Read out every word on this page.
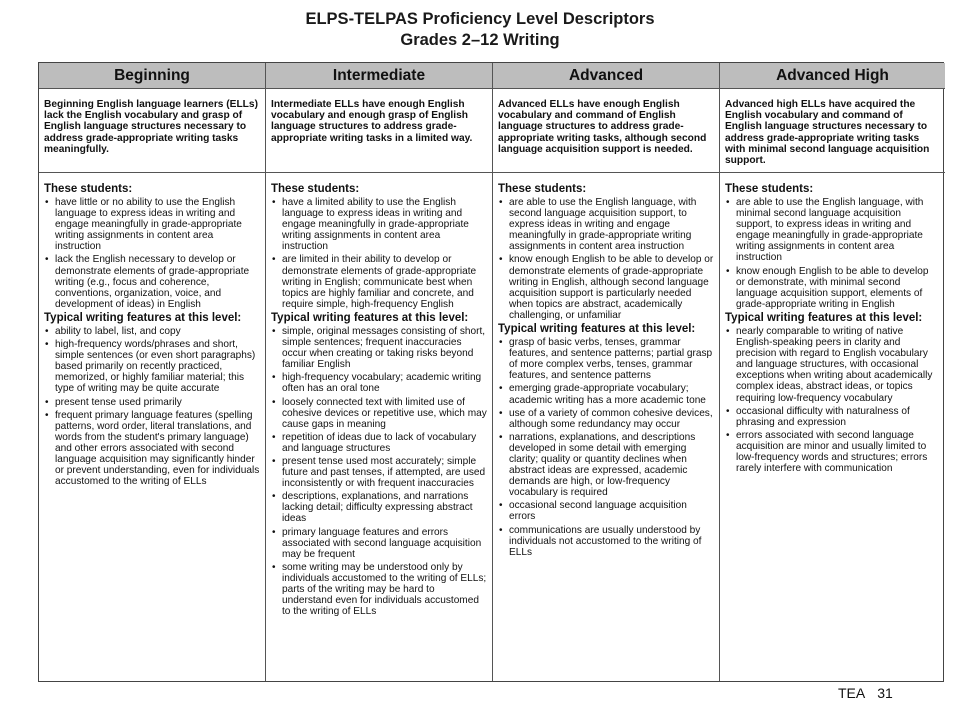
ELPS-TELPAS Proficiency Level Descriptors
Grades 2–12 Writing
Beginning
Beginning English language learners (ELLs) lack the English vocabulary and grasp of English language structures necessary to address grade-appropriate writing tasks meaningfully.
These students:
• have little or no ability to use the English language to express ideas in writing and engage meaningfully in grade-appropriate writing assignments in content area instruction
• lack the English necessary to develop or demonstrate elements of grade-appropriate writing (e.g., focus and coherence, conventions, organization, voice, and development of ideas) in English
Typical writing features at this level:
• ability to label, list, and copy
• high-frequency words/phrases and short, simple sentences (or even short paragraphs) based primarily on recently practiced, memorized, or highly familiar material; this type of writing may be quite accurate
• present tense used primarily
• frequent primary language features (spelling patterns, word order, literal translations, and words from the student's primary language) and other errors associated with second language acquisition may significantly hinder or prevent understanding, even for individuals accustomed to the writing of ELLs
Intermediate
Intermediate ELLs have enough English vocabulary and enough grasp of English language structures to address grade-appropriate writing tasks in a limited way.
These students:
• have a limited ability to use the English language to express ideas in writing and engage meaningfully in grade-appropriate writing assignments in content area instruction
• are limited in their ability to develop or demonstrate elements of grade-appropriate writing in English; communicate best when topics are highly familiar and concrete, and require simple, high-frequency English
Typical writing features at this level:
• simple, original messages consisting of short, simple sentences; frequent inaccuracies occur when creating or taking risks beyond familiar English
• high-frequency vocabulary; academic writing often has an oral tone
• loosely connected text with limited use of cohesive devices or repetitive use, which may cause gaps in meaning
• repetition of ideas due to lack of vocabulary and language structures
• present tense used most accurately; simple future and past tenses, if attempted, are used inconsistently or with frequent inaccuracies
• descriptions, explanations, and narrations lacking detail; difficulty expressing abstract ideas
• primary language features and errors associated with second language acquisition may be frequent
• some writing may be understood only by individuals accustomed to the writing of ELLs; parts of the writing may be hard to understand even for individuals accustomed to the writing of ELLs
Advanced
Advanced ELLs have enough English vocabulary and command of English language structures to address grade-appropriate writing tasks, although second language acquisition support is needed.
These students:
• are able to use the English language, with second language acquisition support, to express ideas in writing and engage meaningfully in grade-appropriate writing assignments in content area instruction
• know enough English to be able to develop or demonstrate elements of grade-appropriate writing in English, although second language acquisition support is particularly needed when topics are abstract, academically challenging, or unfamiliar
Typical writing features at this level:
• grasp of basic verbs, tenses, grammar features, and sentence patterns; partial grasp of more complex verbs, tenses, grammar features, and sentence patterns
• emerging grade-appropriate vocabulary; academic writing has a more academic tone
• use of a variety of common cohesive devices, although some redundancy may occur
• narrations, explanations, and descriptions developed in some detail with emerging clarity; quality or quantity declines when abstract ideas are expressed, academic demands are high, or low-frequency vocabulary is required
• occasional second language acquisition errors
• communications are usually understood by individuals not accustomed to the writing of ELLs
Advanced High
Advanced high ELLs have acquired the English vocabulary and command of English language structures necessary to address grade-appropriate writing tasks with minimal second language acquisition support.
These students:
• are able to use the English language, with minimal second language acquisition support, to express ideas in writing and engage meaningfully in grade-appropriate writing assignments in content area instruction
• know enough English to be able to develop or demonstrate, with minimal second language acquisition support, elements of grade-appropriate writing in English
Typical writing features at this level:
• nearly comparable to writing of native English-speaking peers in clarity and precision with regard to English vocabulary and language structures, with occasional exceptions when writing about academically complex ideas, abstract ideas, or topics requiring low-frequency vocabulary
• occasional difficulty with naturalness of phrasing and expression
• errors associated with second language acquisition are minor and usually limited to low-frequency words and structures; errors rarely interfere with communication
TEA 31
